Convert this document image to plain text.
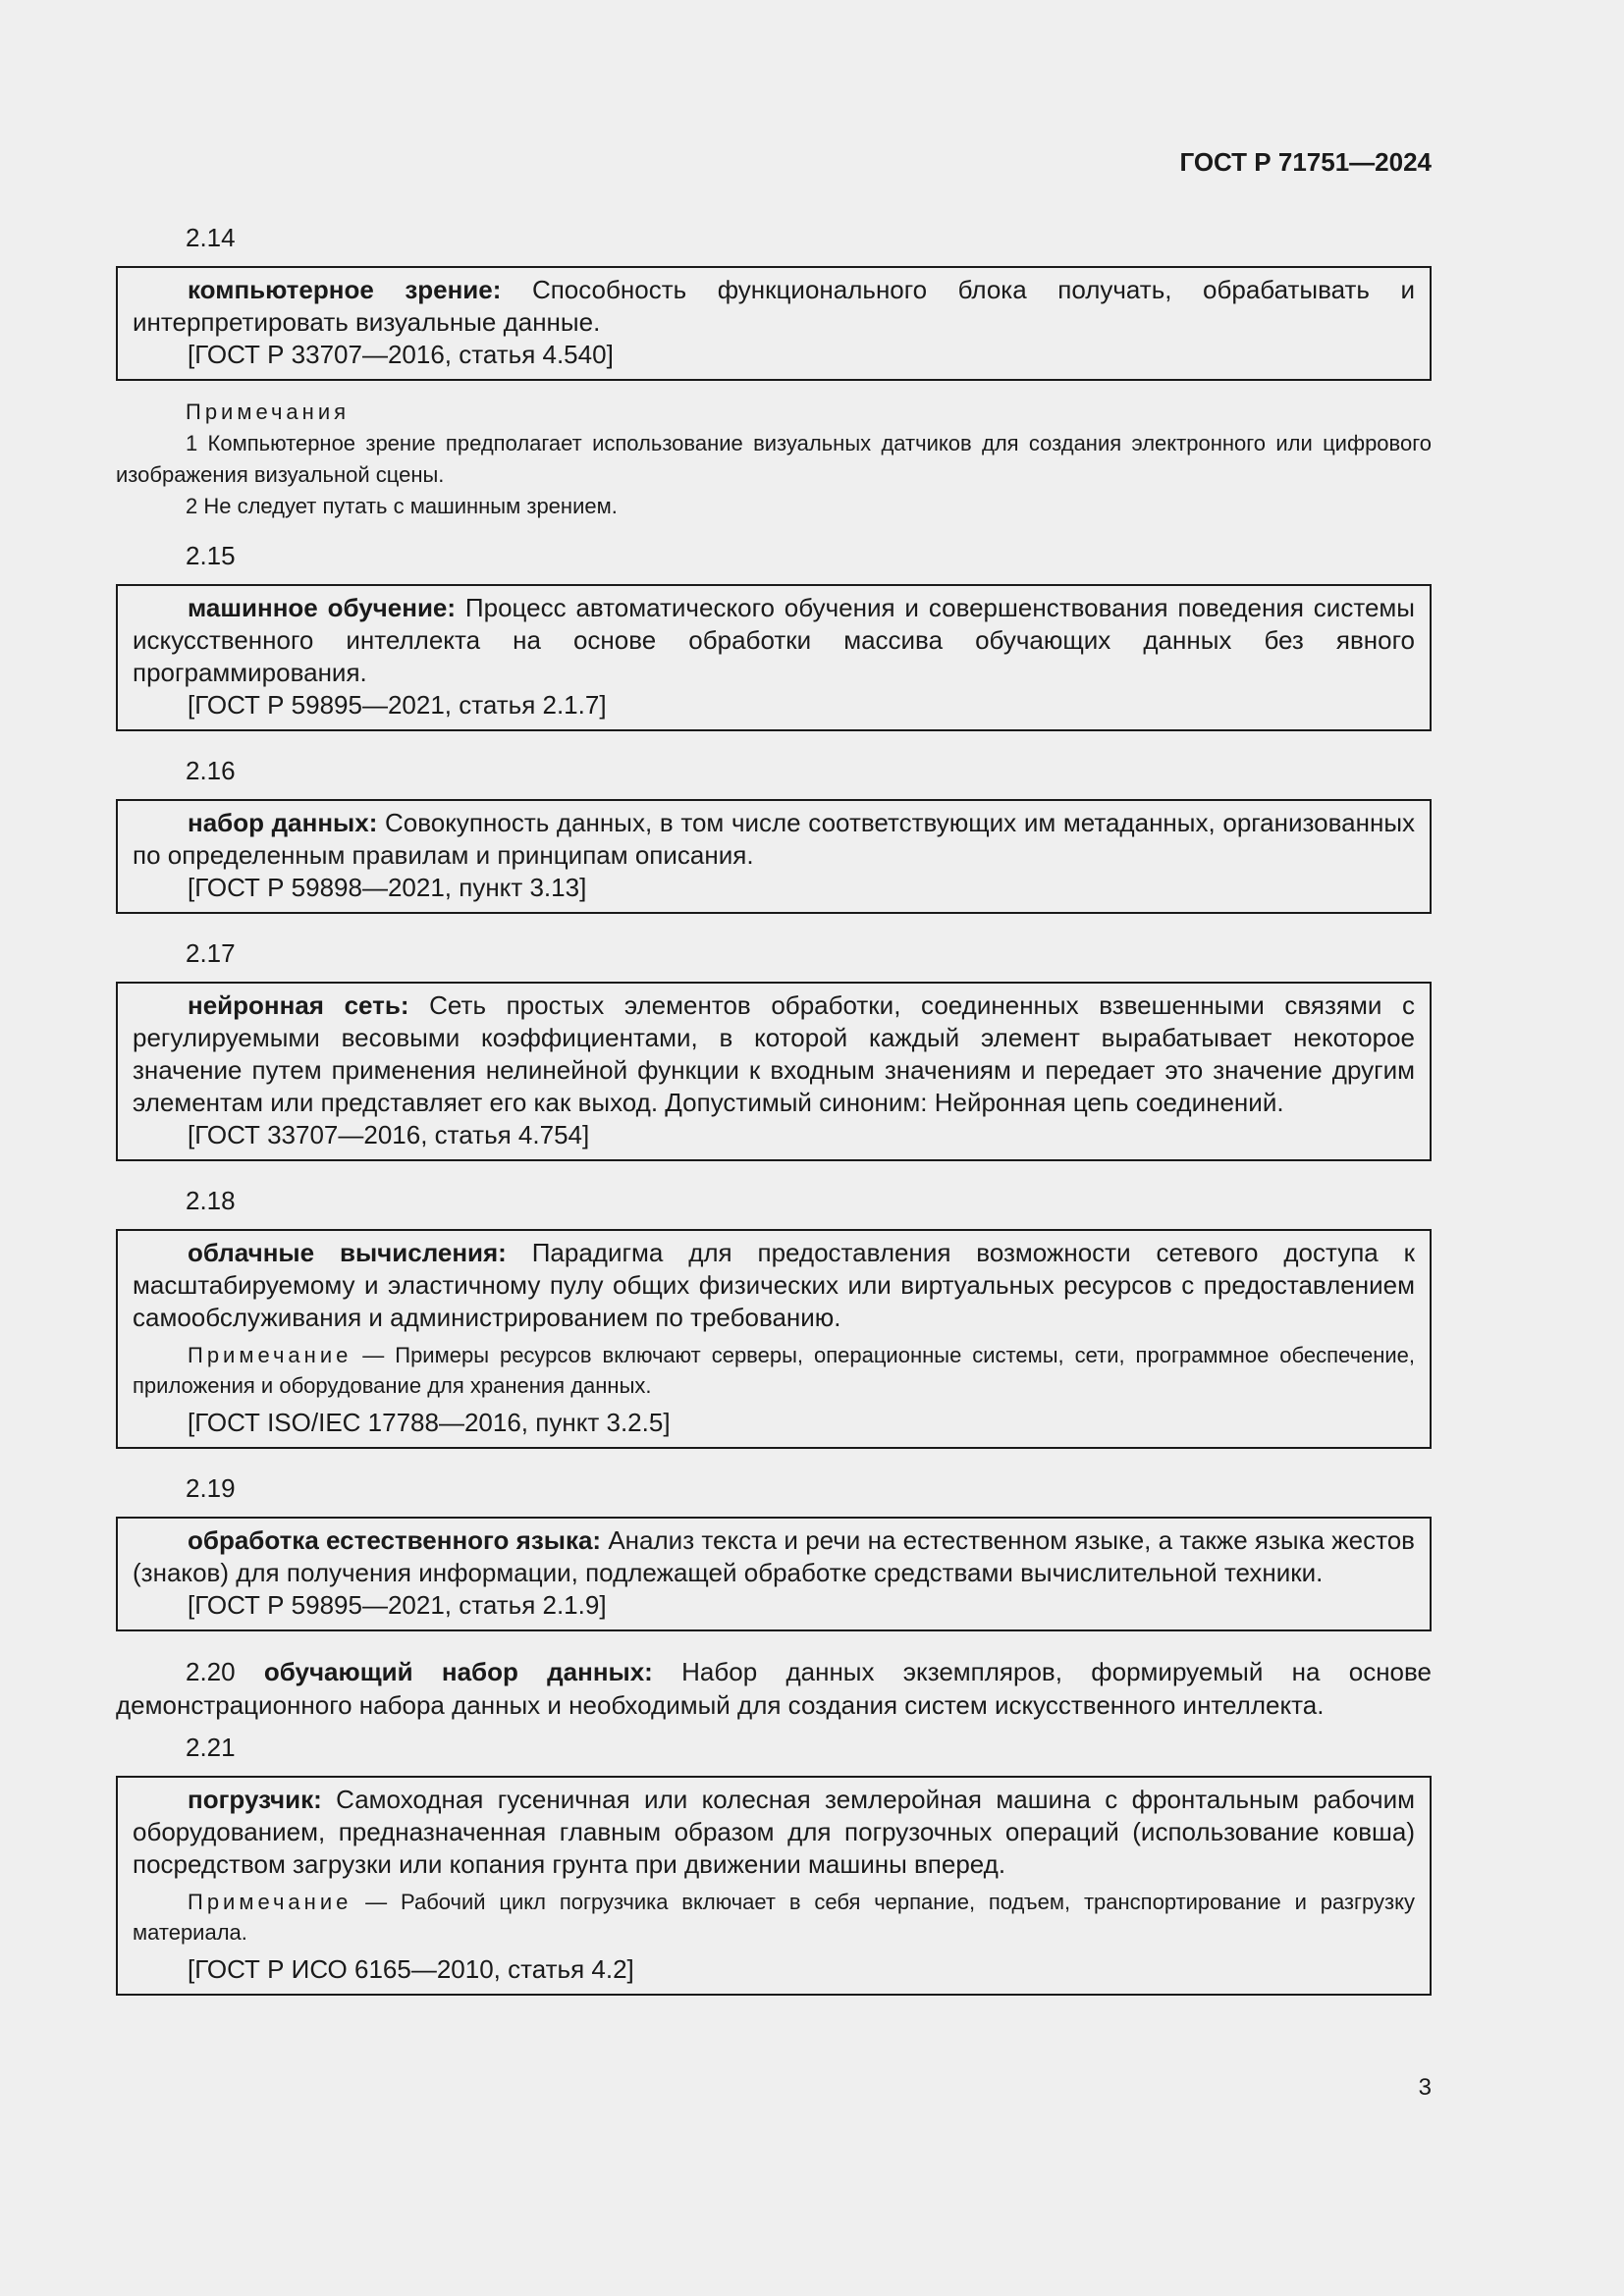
ГОСТ Р 71751—2024
2.14

компьютерное зрение: Способность функционального блока получать, обрабатывать и интерпретировать визуальные данные.

[ГОСТ Р 33707—2016, статья 4.540]

Примечания

1 Компьютерное зрение предполагает использование визуальных датчиков для создания электронного или цифрового изображения визуальной сцены.

2 Не следует путать с машинным зрением.

2.15

машинное обучение: Процесс автоматического обучения и совершенствования поведения системы искусственного интеллекта на основе обработки массива обучающих данных без явного программирования.

[ГОСТ Р 59895—2021, статья 2.1.7]

2.16

набор данных: Совокупность данных, в том числе соответствующих им метаданных, организованных по определенным правилам и принципам описания.

[ГОСТ Р 59898—2021, пункт 3.13]

2.17

нейронная сеть: Сеть простых элементов обработки, соединенных взвешенными связями с регулируемыми весовыми коэффициентами, в которой каждый элемент вырабатывает некоторое значение путем применения нелинейной функции к входным значениям и передает это значение другим элементам или представляет его как выход. Допустимый синоним: Нейронная цепь соединений.

[ГОСТ 33707—2016, статья 4.754]

2.18

облачные вычисления: Парадигма для предоставления возможности сетевого доступа к масштабируемому и эластичному пулу общих физических или виртуальных ресурсов с предоставлением самообслуживания и администрированием по требованию.

Примечание — Примеры ресурсов включают серверы, операционные системы, сети, программное обеспечение, приложения и оборудование для хранения данных.

[ГОСТ ISO/IEC 17788—2016, пункт 3.2.5]

2.19

обработка естественного языка: Анализ текста и речи на естественном языке, а также языка жестов (знаков) для получения информации, подлежащей обработке средствами вычислительной техники.

[ГОСТ Р 59895—2021, статья 2.1.9]

2.20 обучающий набор данных: Набор данных экземпляров, формируемый на основе демонстрационного набора данных и необходимый для создания систем искусственного интеллекта.

2.21

погрузчик: Самоходная гусеничная или колесная землеройная машина с фронтальным рабочим оборудованием, предназначенная главным образом для погрузочных операций (использование ковша) посредством загрузки или копания грунта при движении машины вперед.

Примечание — Рабочий цикл погрузчика включает в себя черпание, подъем, транспортирование и разгрузку материала.

[ГОСТ Р ИСО 6165—2010, статья 4.2]

3
